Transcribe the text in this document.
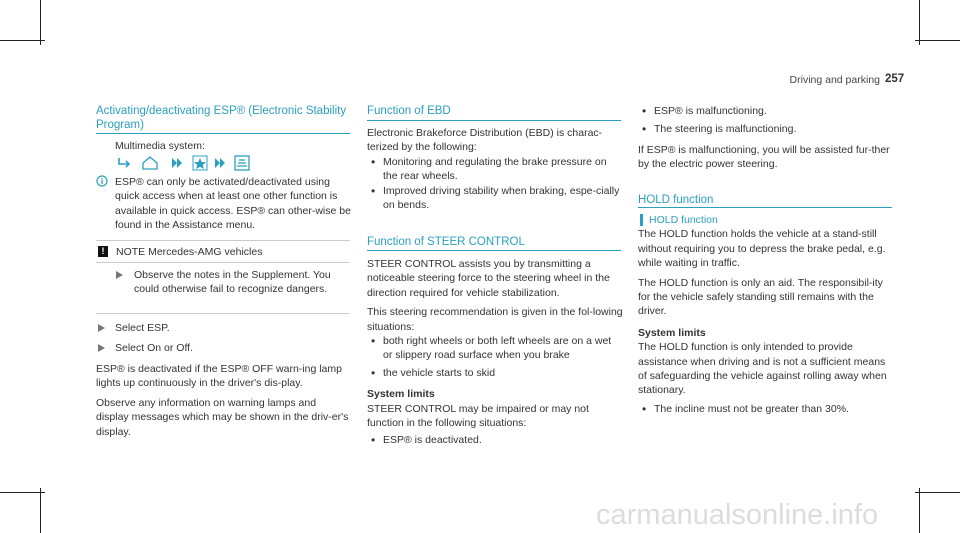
Driving and parking 257
Activating/deactivating ESP® (Electronic Stability Program)

Multimedia system:

ESP® can only be activated/deactivated using quick access when at least one other function is available in quick access. ESP® can other-wise be found in the Assistance menu.

!	NOTE Mercedes-AMG vehicles

Observe the notes in the Supplement. You could otherwise fail to recognize dangers.

Select ESP.

Select On or Off.

ESP® is deactivated if the ESP® OFF warn-ing lamp lights up continuously in the driver's dis-play.

Observe any information on warning lamps and display messages which may be shown in the driv-er's display.

Function of EBD

Electronic Brakeforce Distribution (EBD) is charac-terized by the following:

• Monitoring and regulating the brake pressure on the rear wheels.
• Improved driving stability when braking, espe-cially on bends.
Function of STEER CONTROL

STEER CONTROL assists you by transmitting a noticeable steering force to the steering wheel in the direction required for vehicle stabilization.

This steering recommendation is given in the fol-lowing situations:

• both right wheels or both left wheels are on a wet or slippery road surface when you brake
• the vehicle starts to skid

System limits

STEER CONTROL may be impaired or may not function in the following situations:

• ESP® is deactivated.
• ESP® is malfunctioning.
• The steering is malfunctioning.

If ESP® is malfunctioning, you will be assisted fur-ther by the electric power steering.

HOLD function
HOLD function

The HOLD function holds the vehicle at a stand-still without requiring you to depress the brake pedal, e.g. while waiting in traffic.

The HOLD function is only an aid. The responsibil-ity for the vehicle safely standing still remains with the driver.

System limits

The HOLD function is only intended to provide assistance when driving and is not a sufficient means of safeguarding the vehicle against rolling away when stationary.

• The incline must not be greater than 30%.
carmanualsonline.info
